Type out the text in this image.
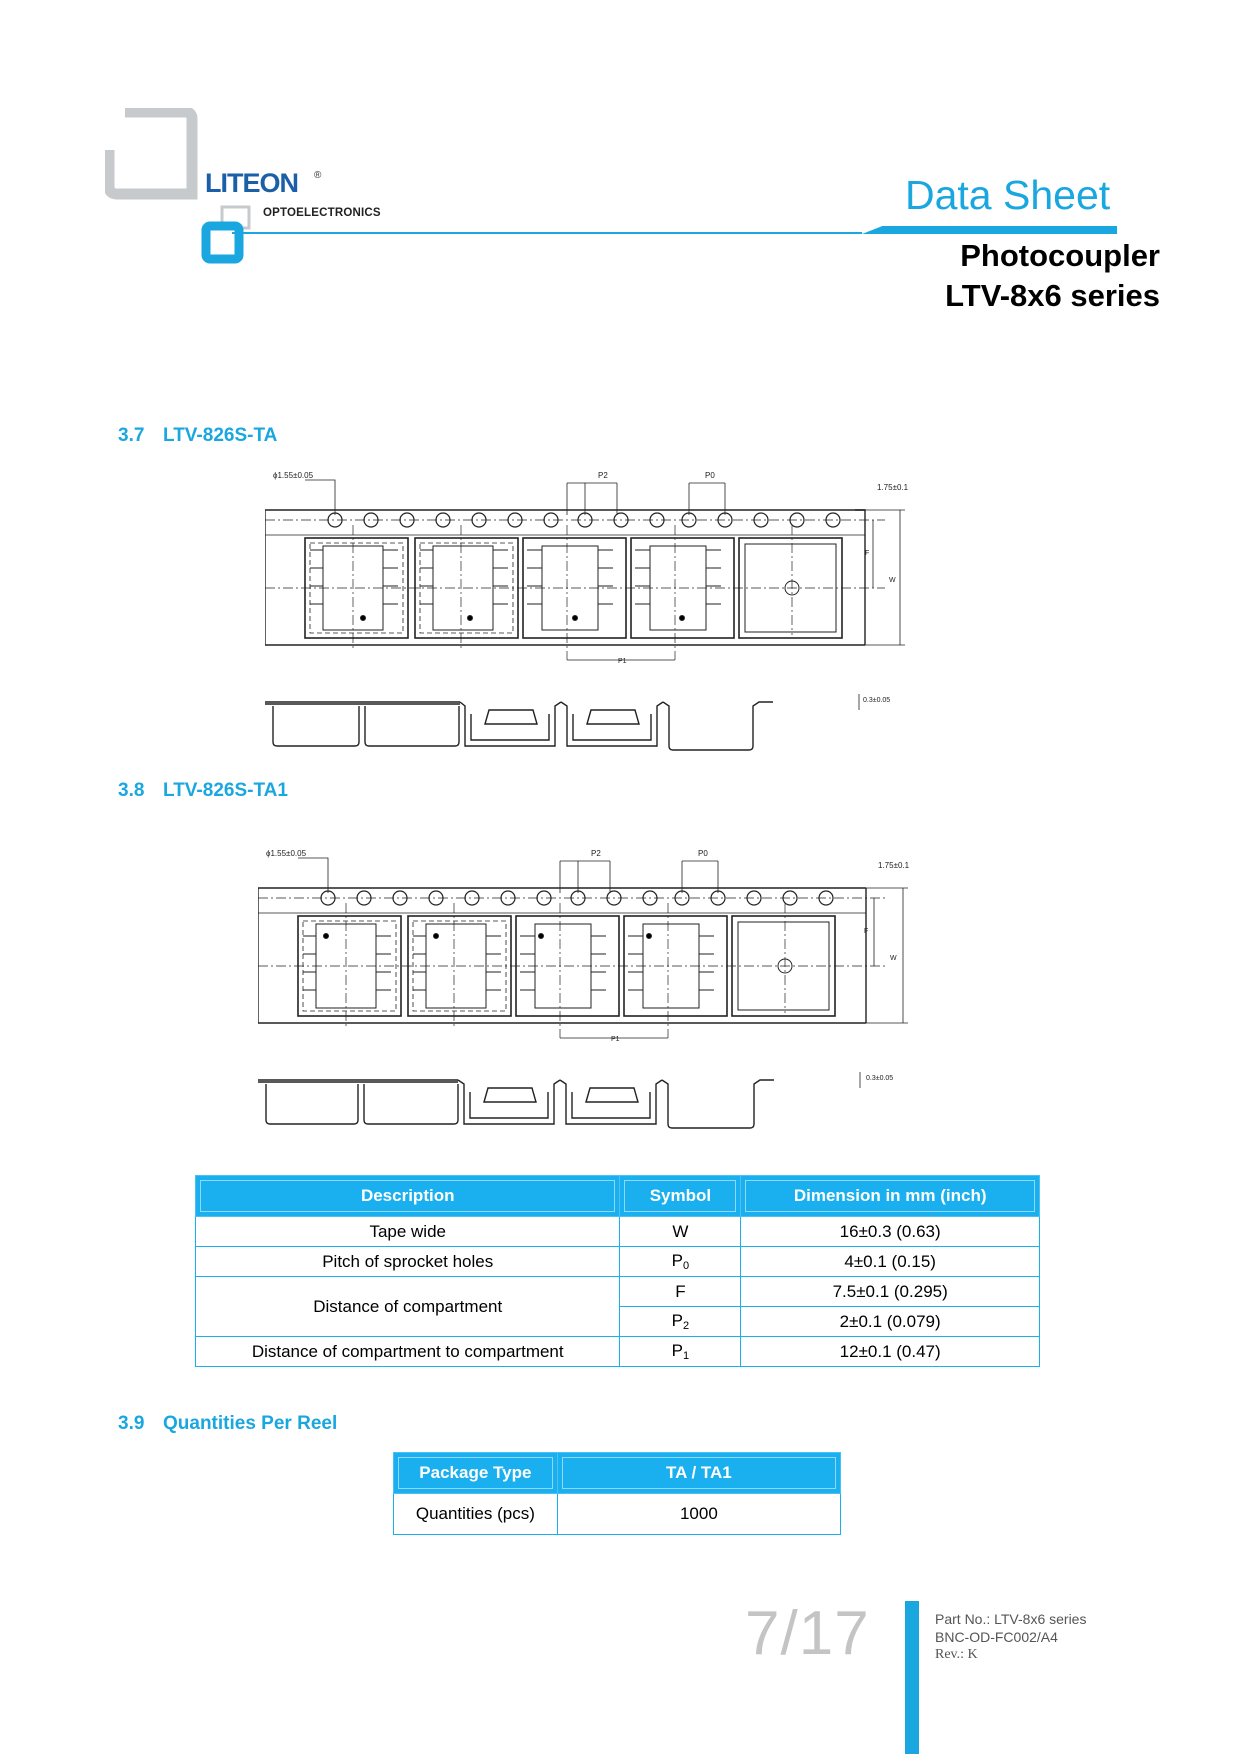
LITEON ®
OPTOELECTRONICS	Data Sheet
Photocoupler
LTV-8x6 series
3.7 LTV-826S-TA
ϕ1.55±0.05	P2	P0
1.75±0.1
F
W
P1
0.3±0.05
3.8 LTV-826S-TA1
ϕ1.55±0.05	P2	P0
1.75±0.1
F
W
P1
0.3±0.05
Description	Symbol	Dimension in mm (inch)

Tape wide	W	16±0.3 (0.63)
Pitch of sprocket holes	$P_0$	4±0.1 (0.15)
Distance of compartment	F	7.5±0.1 (0.295)
	$P_2$	2±0.1 (0.079)
Distance of compartment to compartment	$P_1$	12±0.1 (0.47)
3.9 Quantities Per Reel
Package Type	TA / TA1

Quantities (pcs)	1000
7/17	Part No.: LTV-8x6 series
BNC-OD-FC002/A4
Rev.: K
